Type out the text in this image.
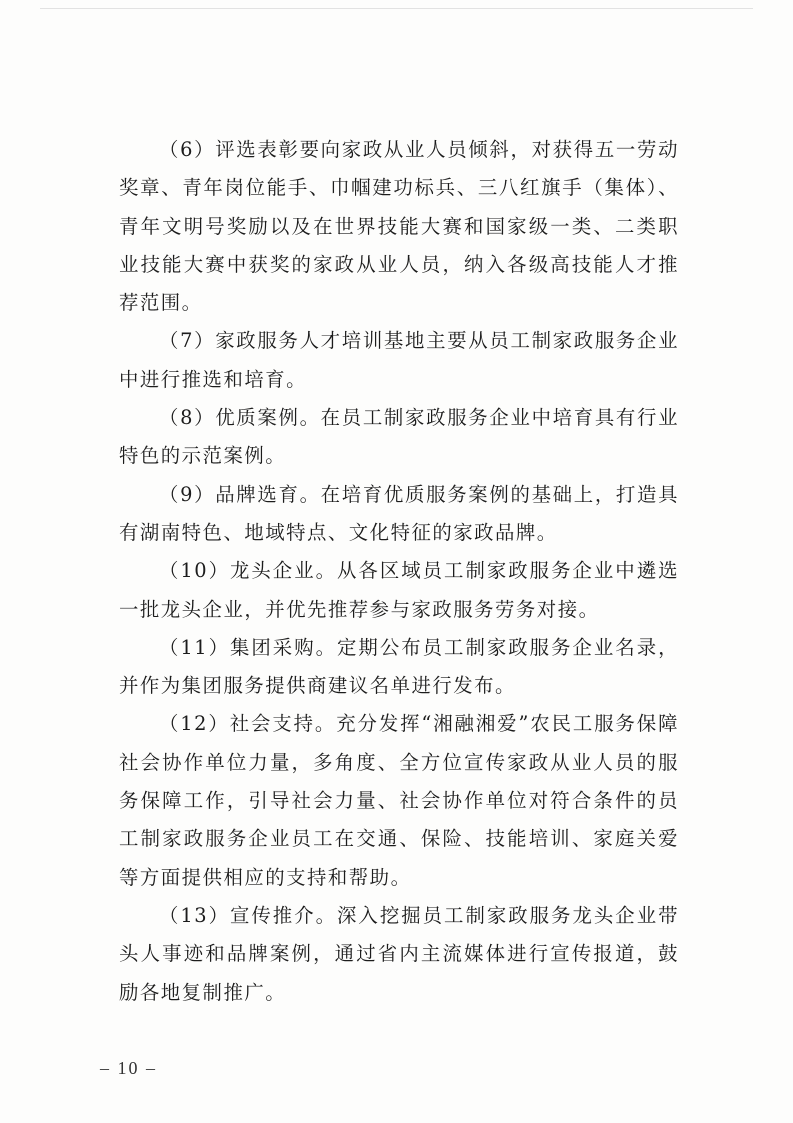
（6）评选表彰要向家政从业人员倾斜，对获得五一劳动奖章、青年岗位能手、巾帼建功标兵、三八红旗手（集体）、青年文明号奖励以及在世界技能大赛和国家级一类、二类职业技能大赛中获奖的家政从业人员，纳入各级高技能人才推荐范围。

（7）家政服务人才培训基地主要从员工制家政服务企业中进行推选和培育。

（8）优质案例。在员工制家政服务企业中培育具有行业特色的示范案例。

（9）品牌选育。在培育优质服务案例的基础上，打造具有湖南特色、地域特点、文化特征的家政品牌。

（10）龙头企业。从各区域员工制家政服务企业中遴选一批龙头企业，并优先推荐参与家政服务劳务对接。

（11）集团采购。定期公布员工制家政服务企业名录，并作为集团服务提供商建议名单进行发布。

（12）社会支持。充分发挥“湘融湘爱”农民工服务保障社会协作单位力量，多角度、全方位宣传家政从业人员的服务保障工作，引导社会力量、社会协作单位对符合条件的员工制家政服务企业员工在交通、保险、技能培训、家庭关爱等方面提供相应的支持和帮助。

（13）宣传推介。深入挖掘员工制家政服务龙头企业带头人事迹和品牌案例，通过省内主流媒体进行宣传报道，鼓励各地复制推广。

– 10 –
